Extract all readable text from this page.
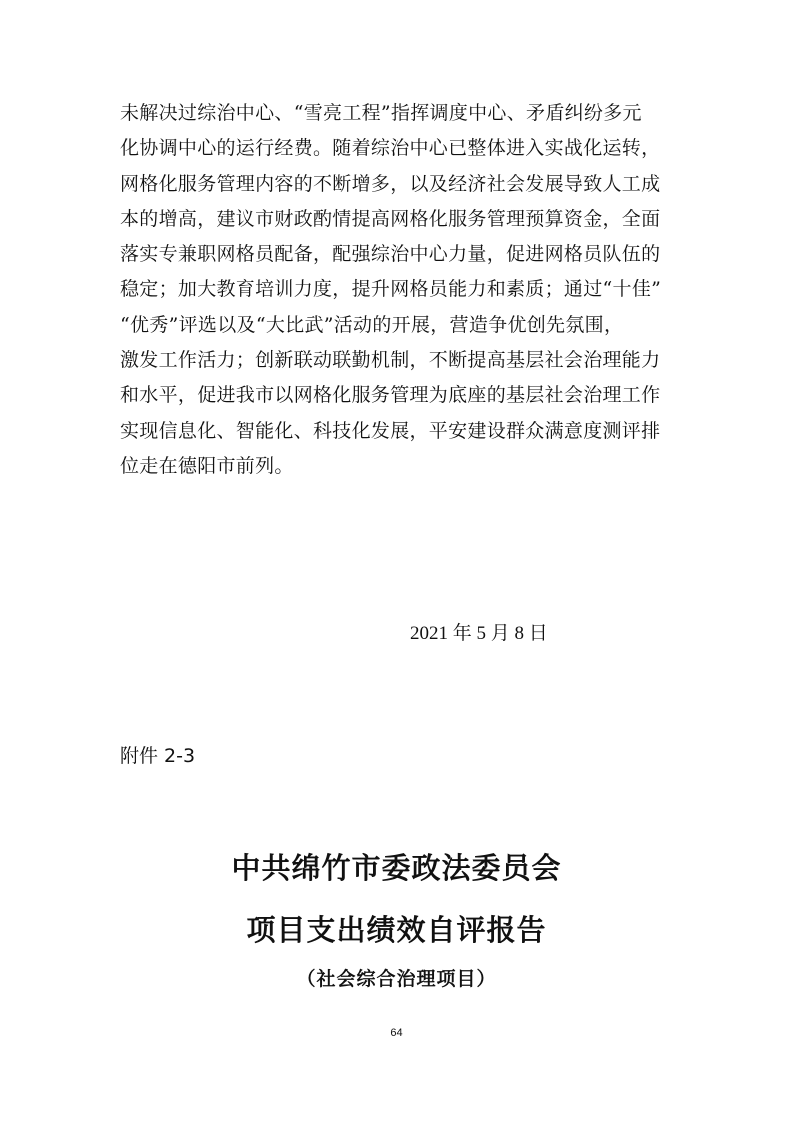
未解决过综治中心、“雪亮工程”指挥调度中心、矛盾纠纷多元
化协调中心的运行经费。随着综治中心已整体进入实战化运转，
网格化服务管理内容的不断增多，以及经济社会发展导致人工成
本的增高，建议市财政酌情提高网格化服务管理预算资金，全面
落实专兼职网格员配备，配强综治中心力量，促进网格员队伍的
稳定；加大教育培训力度，提升网格员能力和素质；通过“十佳”
“优秀”评选以及“大比武”活动的开展，营造争优创先氛围，
激发工作活力；创新联动联勤机制，不断提高基层社会治理能力
和水平，促进我市以网格化服务管理为底座的基层社会治理工作
实现信息化、智能化、科技化发展，平安建设群众满意度测评排
位走在德阳市前列。
2021 年 5 月 8 日
附件 2-3
中共绵竹市委政法委员会
项目支出绩效自评报告
（社会综合治理项目）
64
